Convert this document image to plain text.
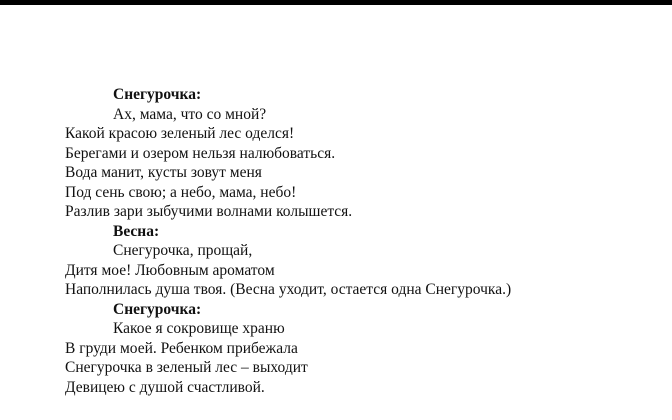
Снегурочка:
Ах, мама, что со мной?
Какой красою зеленый лес оделся!
Берегами и озером нельзя налюбоваться.
Вода манит, кусты зовут меня
Под сень свою; а небо, мама, небо!
Разлив зари зыбучими волнами колышется.
Весна:
Снегурочка, прощай,
Дитя мое! Любовным ароматом
Наполнилась душа твоя. (Весна уходит, остается одна Снегурочка.)
Снегурочка:
Какое я сокровище храню
В груди моей. Ребенком прибежала
Снегурочка в зеленый лес – выходит
Девицею с душой счастливой.
